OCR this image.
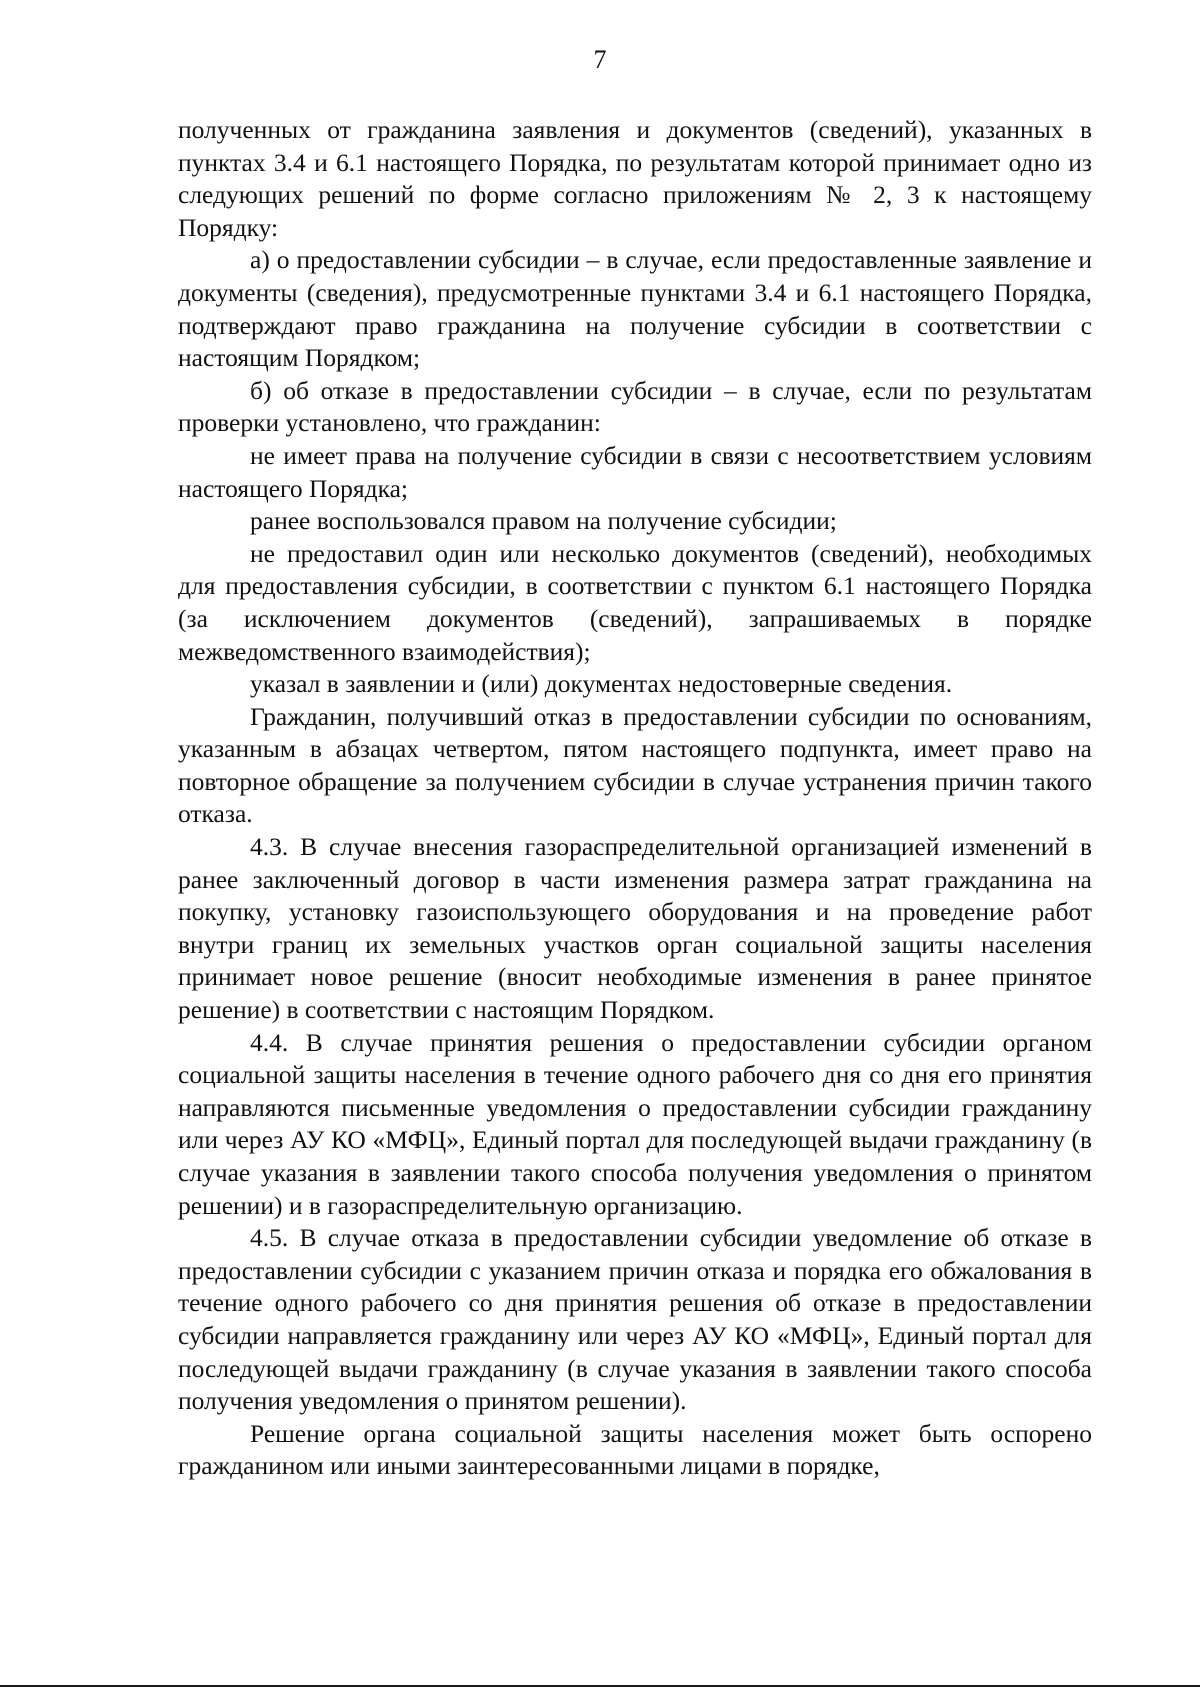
7

полученных от гражданина заявления и документов (сведений), указанных в пунктах 3.4 и 6.1 настоящего Порядка, по результатам которой принимает одно из следующих решений по форме согласно приложениям № 2, 3 к настоящему Порядку:

а) о предоставлении субсидии – в случае, если предоставленные заявление и документы (сведения), предусмотренные пунктами 3.4 и 6.1 настоящего Порядка, подтверждают право гражданина на получение субсидии в соответствии с настоящим Порядком;

б) об отказе в предоставлении субсидии – в случае, если по результатам проверки установлено, что гражданин:

не имеет права на получение субсидии в связи с несоответствием условиям настоящего Порядка;

ранее воспользовался правом на получение субсидии;

не предоставил один или несколько документов (сведений), необходимых для предоставления субсидии, в соответствии с пунктом 6.1 настоящего Порядка (за исключением документов (сведений), запрашиваемых в порядке межведомственного взаимодействия);

указал в заявлении и (или) документах недостоверные сведения.

Гражданин, получивший отказ в предоставлении субсидии по основаниям, указанным в абзацах четвертом, пятом настоящего подпункта, имеет право на повторное обращение за получением субсидии в случае устранения причин такого отказа.

4.3. В случае внесения газораспределительной организацией изменений в ранее заключенный договор в части изменения размера затрат гражданина на покупку, установку газоиспользующего оборудования и на проведение работ внутри границ их земельных участков орган социальной защиты населения принимает новое решение (вносит необходимые изменения в ранее принятое решение) в соответствии с настоящим Порядком.

4.4. В случае принятия решения о предоставлении субсидии органом социальной защиты населения в течение одного рабочего дня со дня его принятия направляются письменные уведомления о предоставлении субсидии гражданину или через АУ КО «МФЦ», Единый портал для последующей выдачи гражданину (в случае указания в заявлении такого способа получения уведомления о принятом решении) и в газораспределительную организацию.

4.5. В случае отказа в предоставлении субсидии уведомление об отказе в предоставлении субсидии с указанием причин отказа и порядка его обжалования в течение одного рабочего со дня принятия решения об отказе в предоставлении субсидии направляется гражданину или через АУ КО «МФЦ», Единый портал для последующей выдачи гражданину (в случае указания в заявлении такого способа получения уведомления о принятом решении).

Решение органа социальной защиты населения может быть оспорено гражданином или иными заинтересованными лицами в порядке,
